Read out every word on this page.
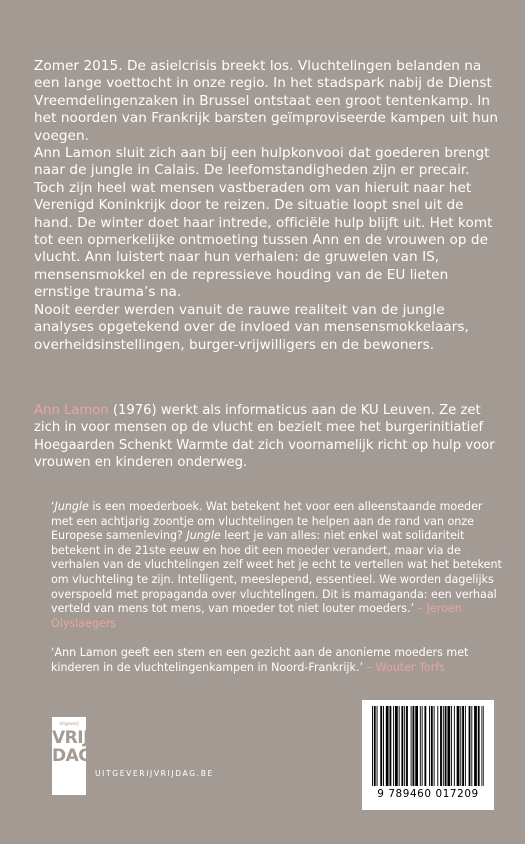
Zomer 2015. De asielcrisis breekt los. Vluchtelingen belanden na een lange voettocht in onze regio. In het stadspark nabij de Dienst Vreemdelingenzaken in Brussel ontstaat een groot tentenkamp. In het noorden van Frankrijk barsten geïmproviseerde kampen uit hun voegen.

Ann Lamon sluit zich aan bij een hulpkonvooi dat goederen brengt naar de jungle in Calais. De leefomstandigheden zijn er precair. Toch zijn heel wat mensen vastberaden om van hieruit naar het Verenigd Koninkrijk door te reizen. De situatie loopt snel uit de hand. De winter doet haar intrede, officiële hulp blijft uit. Het komt tot een opmerkelijke ontmoeting tussen Ann en de vrouwen op de vlucht. Ann luistert naar hun verhalen: de gruwelen van IS, mensensmokkel en de repressieve houding van de EU lieten ernstige trauma’s na.

Nooit eerder werden vanuit de rauwe realiteit van de jungle analyses opgetekend over de invloed van mensensmokkelaars, overheidsinstellingen, burger-vrijwilligers en de bewoners.

Ann Lamon (1976) werkt als informaticus aan de KU Leuven. Ze zet zich in voor mensen op de vlucht en bezielt mee het burgerinitiatief Hoegaarden Schenkt Warmte dat zich voornamelijk richt op hulp voor vrouwen en kinderen onderweg.

‘Jungle is een moederboek. Wat betekent het voor een alleenstaande moeder met een achtjarig zoontje om vluchtelingen te helpen aan de rand van onze Europese samenleving? Jungle leert je van alles: niet enkel wat solidariteit betekent in de 21ste eeuw en hoe dit een moeder verandert, maar via de verhalen van de vluchtelingen zelf weet het je echt te vertellen wat het betekent om vluchteling te zijn. Intelligent, meeslepend, essentieel. We worden dagelijks overspoeld met propaganda over vluchtelingen. Dit is mamaganda: een verhaal verteld van mens tot mens, van moeder tot niet louter moeders.’ – Jeroen Olyslaegers

‘Ann Lamon geeft een stem en een gezicht aan de anonieme moeders met kinderen in de vluchtelingenkampen in Noord-Frankrijk.’ – Wouter Torfs

Uitgeverij
VRIJ
DAG
UITGEVERIJVRIJDAG.BE
9 789460 017209
